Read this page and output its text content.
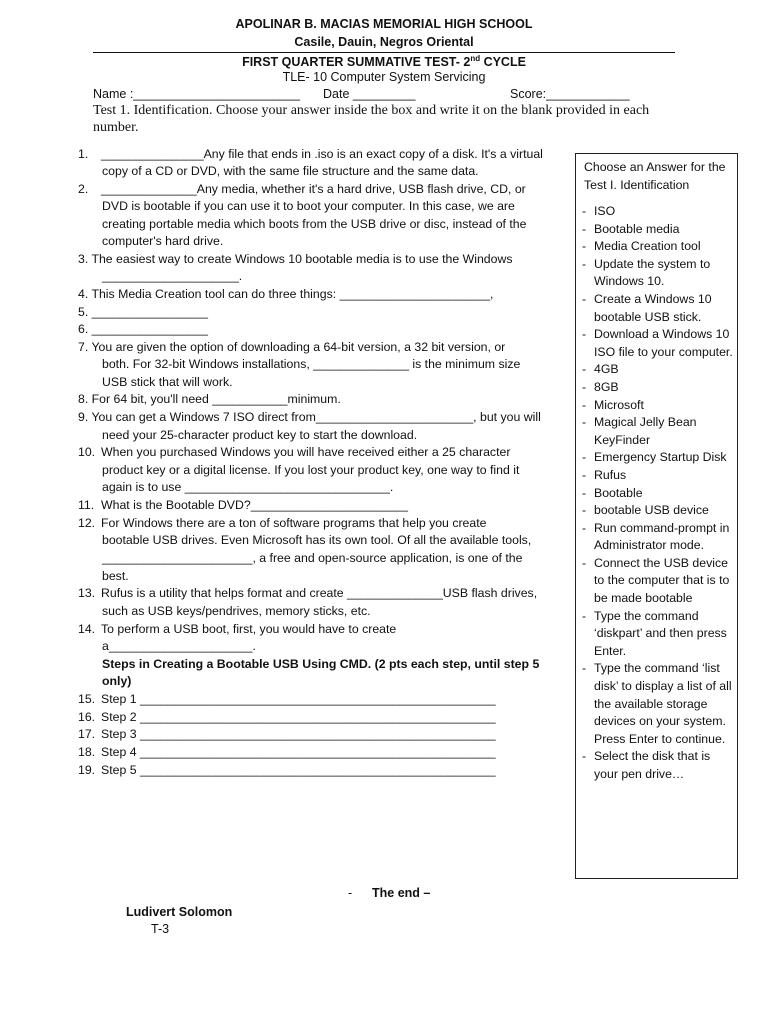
APOLINAR B. MACIAS MEMORIAL HIGH SCHOOL
Casile, Dauin, Negros Oriental
FIRST QUARTER SUMMATIVE TEST- 2nd CYCLE
TLE- 10 Computer System Servicing
Name :________________________ Date _________	Score:____________
Test 1. Identification. Choose your answer inside the box and write it on the blank provided in each number.
1. _______________Any file that ends in .iso is an exact copy of a disk. It's a virtual
copy of a CD or DVD, with the same file structure and the same data.
2. ______________Any media, whether it's a hard drive, USB flash drive, CD, or
DVD is bootable if you can use it to boot your computer. In this case, we are
creating portable media which boots from the USB drive or disc, instead of the
computer's hard drive.
3. The easiest way to create Windows 10 bootable media is to use the Windows
____________________.
4. This Media Creation tool can do three things: ______________________,
5. _________________
6. _________________
7. You are given the option of downloading a 64-bit version, a 32 bit version, or
both. For 32-bit Windows installations, ______________ is the minimum size
USB stick that will work.
8. For 64 bit, you'll need ___________minimum.
9. You can get a Windows 7 ISO direct from_______________________, but you will
need your 25-character product key to start the download.
10. When you purchased Windows you will have received either a 25 character
product key or a digital license. If you lost your product key, one way to find it
again is to use ______________________________.
11. What is the Bootable DVD?_______________________
12. For Windows there are a ton of software programs that help you create
bootable USB drives. Even Microsoft has its own tool. Of all the available tools,
______________________, a free and open-source application, is one of the
best.
13. Rufus is a utility that helps format and create ______________USB flash drives,
such as USB keys/pendrives, memory sticks, etc.
14. To perform a USB boot, first, you would have to create
a_____________________.
Steps in Creating a Bootable USB Using CMD. (2 pts each step, until step 5
only)
15. Step 1 ____________________________________________________
16. Step 2 ____________________________________________________
17. Step 3 ____________________________________________________
18. Step 4 ____________________________________________________
19. Step 5 ____________________________________________________
Choose an Answer for the Test I. Identification
- ISO
- Bootable media
- Media Creation tool
- Update the system to Windows 10.
- Create a Windows 10 bootable USB stick.
- Download a Windows 10 ISO file to your computer.
- 4GB
- 8GB
- Microsoft
- Magical Jelly Bean KeyFinder
- Emergency Startup Disk
- Rufus
- Bootable
- bootable USB device
- Run command-prompt in Administrator mode.
- Connect the USB device to the computer that is to be made bootable
- Type the command ‘diskpart’ and then press Enter.
- Type the command ‘list disk’ to display a list of all the available storage devices on your system. Press Enter to continue.
- Select the disk that is your pen drive…
- The end –
Ludivert Solomon
T-3
